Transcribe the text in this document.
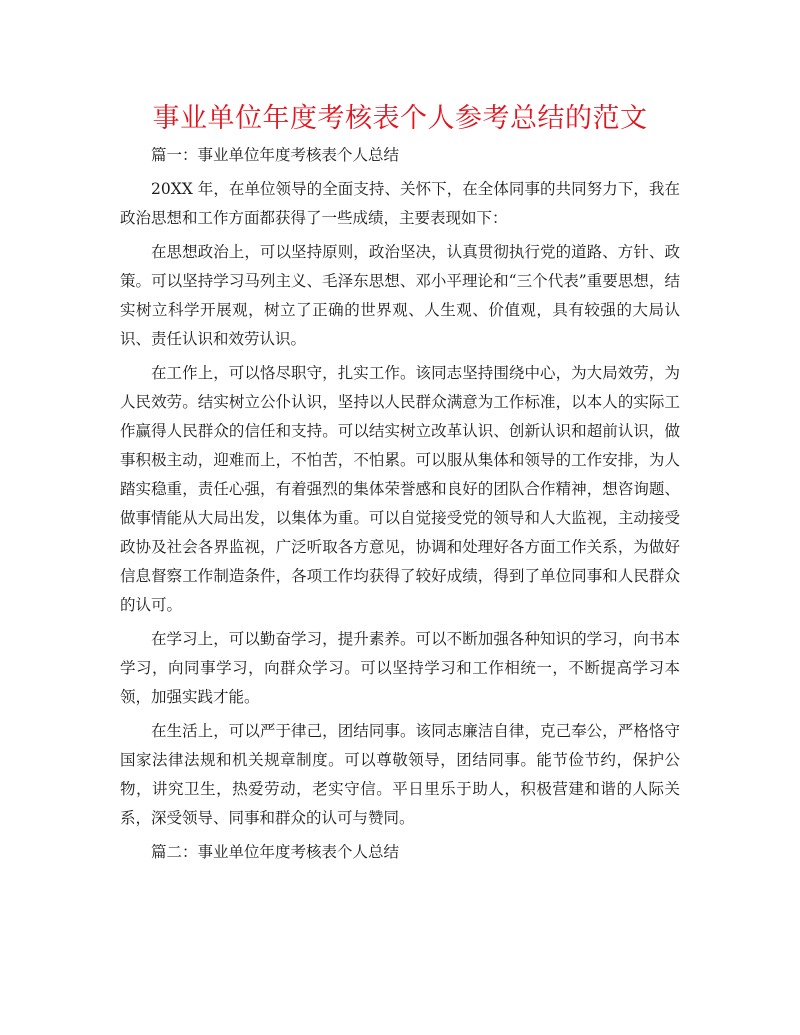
事业单位年度考核表个人参考总结的范文

篇一：事业单位年度考核表个人总结

20XX 年，在单位领导的全面支持、关怀下，在全体同事的共同努力下，我在政治思想和工作方面都获得了一些成绩，主要表现如下：

在思想政治上，可以坚持原则，政治坚决，认真贯彻执行党的道路、方针、政策。可以坚持学习马列主义、毛泽东思想、邓小平理论和“三个代表”重要思想，结实树立科学开展观，树立了正确的世界观、人生观、价值观，具有较强的大局认识、责任认识和效劳认识。

在工作上，可以恪尽职守，扎实工作。该同志坚持围绕中心，为大局效劳，为人民效劳。结实树立公仆认识，坚持以人民群众满意为工作标准，以本人的实际工作赢得人民群众的信任和支持。可以结实树立改革认识、创新认识和超前认识，做事积极主动，迎难而上，不怕苦，不怕累。可以服从集体和领导的工作安排，为人踏实稳重，责任心强，有着强烈的集体荣誉感和良好的团队合作精神，想咨询题、做事情能从大局出发，以集体为重。可以自觉接受党的领导和人大监视，主动接受政协及社会各界监视，广泛听取各方意见，协调和处理好各方面工作关系，为做好信息督察工作制造条件，各项工作均获得了较好成绩，得到了单位同事和人民群众的认可。

在学习上，可以勤奋学习，提升素养。可以不断加强各种知识的学习，向书本学习，向同事学习，向群众学习。可以坚持学习和工作相统一，不断提高学习本领，加强实践才能。

在生活上，可以严于律己，团结同事。该同志廉洁自律，克己奉公，严格恪守国家法律法规和机关规章制度。可以尊敬领导，团结同事。能节俭节约，保护公物，讲究卫生，热爱劳动，老实守信。平日里乐于助人，积极营建和谐的人际关系，深受领导、同事和群众的认可与赞同。

篇二：事业单位年度考核表个人总结
